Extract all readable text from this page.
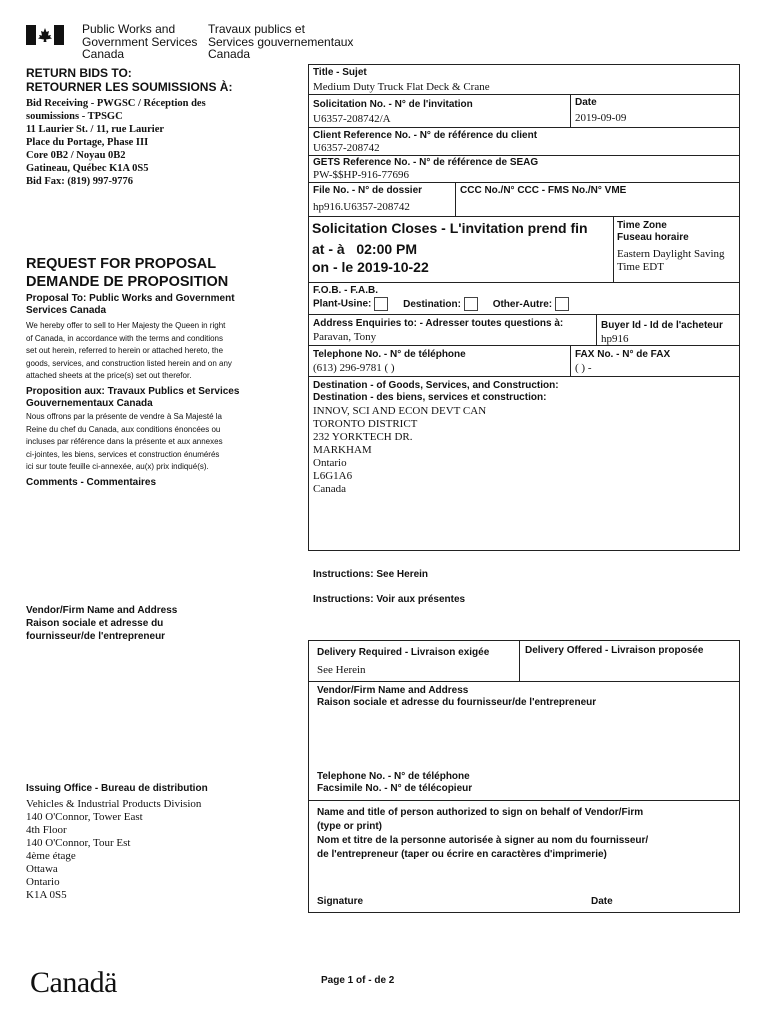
Public Works and
Government Services
Canada
Travaux publics et
Services gouvernementaux
Canada
RETURN BIDS TO:
RETOURNER LES SOUMISSIONS À:
Bid Receiving - PWGSC / Réception des
soumissions - TPSGC
11 Laurier St. / 11, rue Laurier
Place du Portage, Phase III
Core 0B2 / Noyau 0B2
Gatineau, Québec K1A 0S5
Bid Fax: (819) 997-9776
REQUEST FOR PROPOSAL
DEMANDE DE PROPOSITION
Proposal To: Public Works and Government
Services Canada
We hereby offer to sell to Her Majesty the Queen in right
of Canada, in accordance with the terms and conditions
set out herein, referred to herein or attached hereto, the
goods, services, and construction listed herein and on any
attached sheets at the price(s) set out therefor.
Proposition aux: Travaux Publics et Services
Gouvernementaux Canada
Nous offrons par la présente de vendre à Sa Majesté la
Reine du chef du Canada, aux conditions énoncées ou
incluses par référence dans la présente et aux annexes
ci-jointes, les biens, services et construction énumérés
ici sur toute feuille ci-annexée, au(x) prix indiqué(s).
Comments - Commentaires
Vendor/Firm Name and Address
Raison sociale et adresse du
fournisseur/de l'entrepreneur
Issuing Office - Bureau de distribution
Vehicles & Industrial Products Division
140 O'Connor, Tower East
4th Floor
140 O'Connor, Tour Est
4ème étage
Ottawa
Ontario
K1A 0S5
Title - Sujet
Medium Duty Truck Flat Deck & Crane
Solicitation No. - N° de l'invitation
U6357-208742/A
Date
2019-09-09
Client Reference No. - N° de référence du client
U6357-208742
GETS Reference No. - N° de référence de SEAG
PW-$$HP-916-77696
File No. - N° de dossier
hp916.U6357-208742
CCC No./N° CCC - FMS No./N° VME
Solicitation Closes - L'invitation prend fin
at - à 02:00 PM
on - le 2019-10-22
Time Zone
Fuseau horaire
Eastern Daylight Saving
Time EDT
F.O.B. - F.A.B.
Plant-Usine:	Destination:	Other-Autre:
Address Enquiries to: - Adresser toutes questions à:
Paravan, Tony
Buyer Id - Id de l'acheteur
hp916
Telephone No. - N° de téléphone
(613) 296-9781 ( )
FAX No. - N° de FAX
( ) -
Destination - of Goods, Services, and Construction:
Destination - des biens, services et construction:
INNOV, SCI AND ECON DEVT CAN
TORONTO DISTRICT
232 YORKTECH DR.
MARKHAM
Ontario
L6G1A6
Canada
Instructions: See Herein
Instructions: Voir aux présentes
Delivery Required - Livraison exigée
See Herein
Delivery Offered - Livraison proposée
Vendor/Firm Name and Address
Raison sociale et adresse du fournisseur/de l'entrepreneur
Telephone No. - N° de téléphone
Facsimile No. - N° de télécopieur
Name and title of person authorized to sign on behalf of Vendor/Firm
(type or print)
Nom et titre de la personne autorisée à signer au nom du fournisseur/
de l'entrepreneur (taper ou écrire en caractères d'imprimerie)
Signature	Date
Canadä	Page 1 of - de 2
